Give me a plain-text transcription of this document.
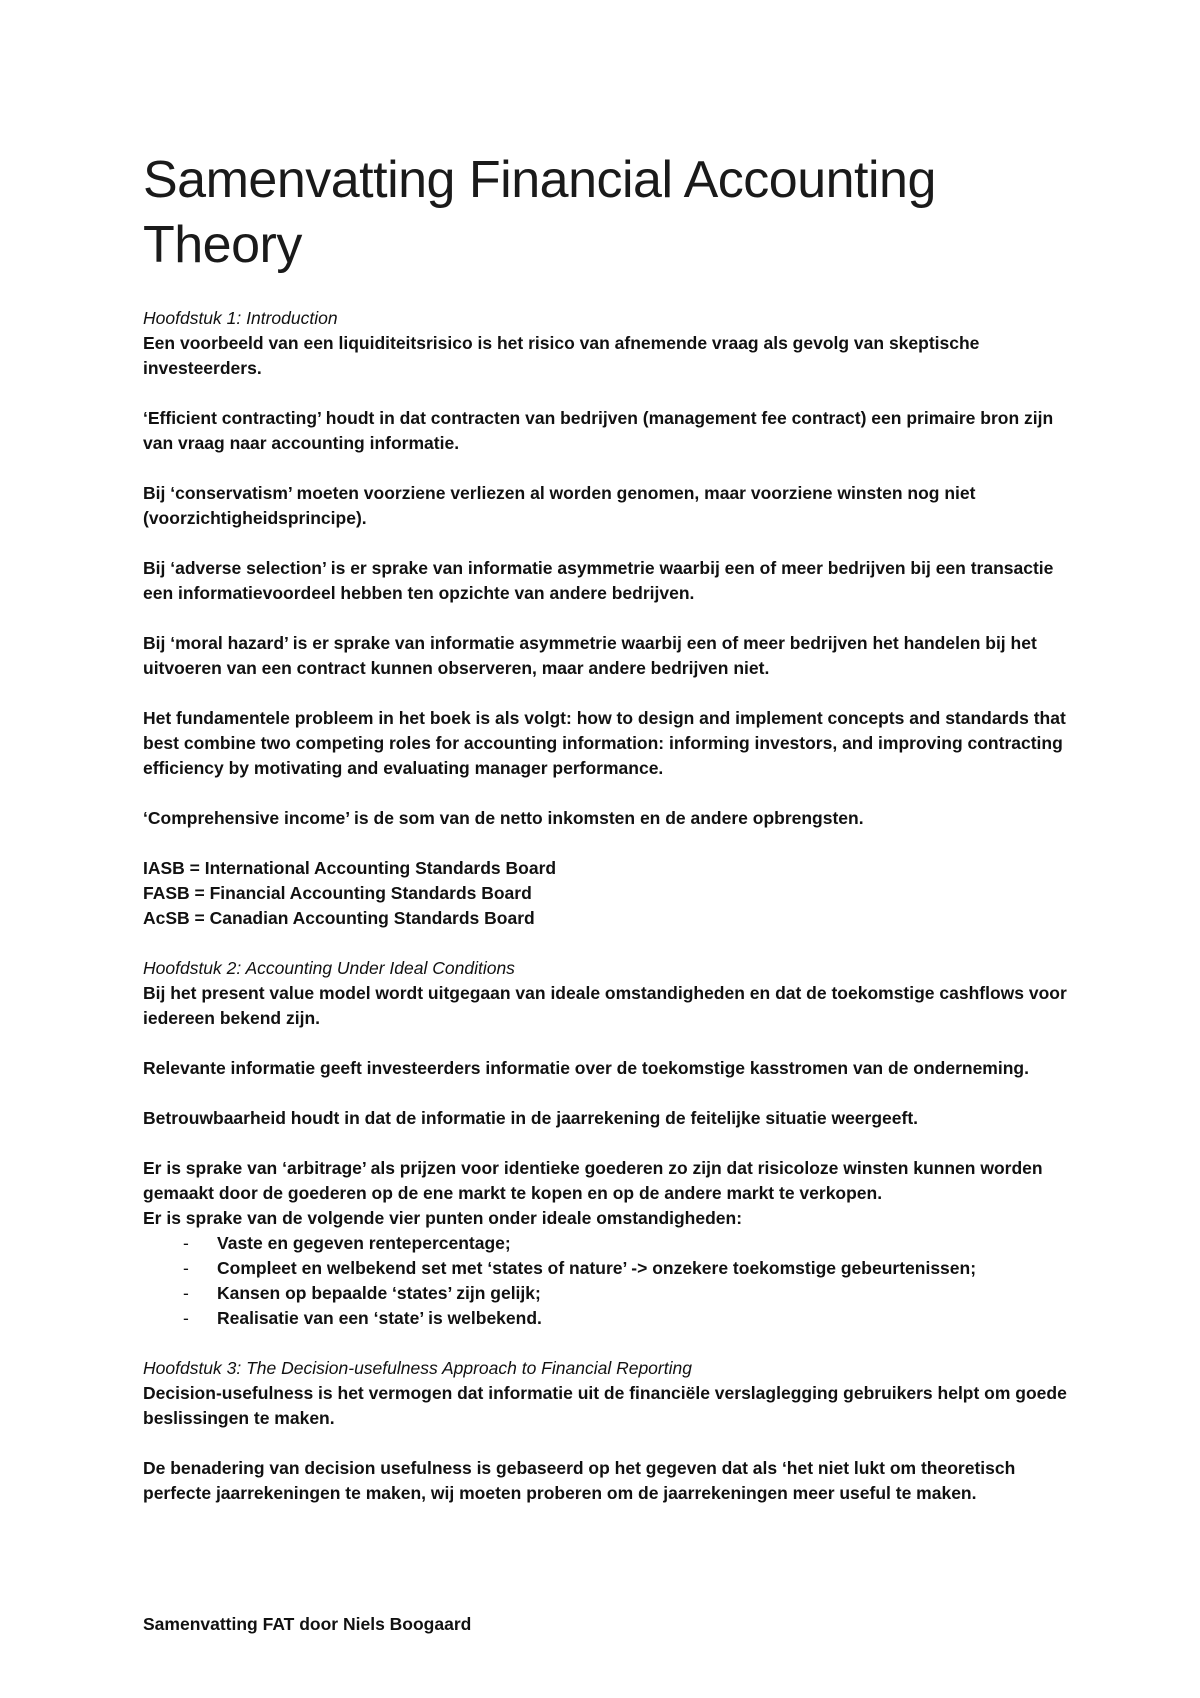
Samenvatting Financial Accounting Theory

Hoofdstuk 1: Introduction
Een voorbeeld van een liquiditeitsrisico is het risico van afnemende vraag als gevolg van skeptische investeerders.

‘Efficient contracting’ houdt in dat contracten van bedrijven (management fee contract) een primaire bron zijn van vraag naar accounting informatie.

Bij ‘conservatism’ moeten voorziene verliezen al worden genomen, maar voorziene winsten nog niet (voorzichtigheidsprincipe).

Bij ‘adverse selection’ is er sprake van informatie asymmetrie waarbij een of meer bedrijven bij een transactie een informatievoordeel hebben ten opzichte van andere bedrijven.

Bij ‘moral hazard’ is er sprake van informatie asymmetrie waarbij een of meer bedrijven het handelen bij het uitvoeren van een contract kunnen observeren, maar andere bedrijven niet.

Het fundamentele probleem in het boek is als volgt: how to design and implement concepts and standards that best combine two competing roles for accounting information: informing investors, and improving contracting efficiency by motivating and evaluating manager performance.

‘Comprehensive income’ is de som van de netto inkomsten en de andere opbrengsten.

IASB = International Accounting Standards Board
FASB = Financial Accounting Standards Board
AcSB = Canadian Accounting Standards Board

Hoofdstuk 2: Accounting Under Ideal Conditions
Bij het present value model wordt uitgegaan van ideale omstandigheden en dat de toekomstige cashflows voor iedereen bekend zijn.

Relevante informatie geeft investeerders informatie over de toekomstige kasstromen van de onderneming.

Betrouwbaarheid houdt in dat de informatie in de jaarrekening de feitelijke situatie weergeeft.

Er is sprake van ‘arbitrage’ als prijzen voor identieke goederen zo zijn dat risicoloze winsten kunnen worden gemaakt door de goederen op de ene markt te kopen en op de andere markt te verkopen.

Er is sprake van de volgende vier punten onder ideale omstandigheden:

- Vaste en gegeven rentepercentage;
- Compleet en welbekend set met ‘states of nature’ -> onzekere toekomstige gebeurtenissen;
- Kansen op bepaalde ‘states’ zijn gelijk;
- Realisatie van een ‘state’ is welbekend.

Hoofdstuk 3: The Decision-usefulness Approach to Financial Reporting
Decision-usefulness is het vermogen dat informatie uit de financiële verslaglegging gebruikers helpt om goede beslissingen te maken.

De benadering van decision usefulness is gebaseerd op het gegeven dat als ‘het niet lukt om theoretisch perfecte jaarrekeningen te maken, wij moeten proberen om de jaarrekeningen meer useful te maken.

Samenvatting FAT door Niels Boogaard
